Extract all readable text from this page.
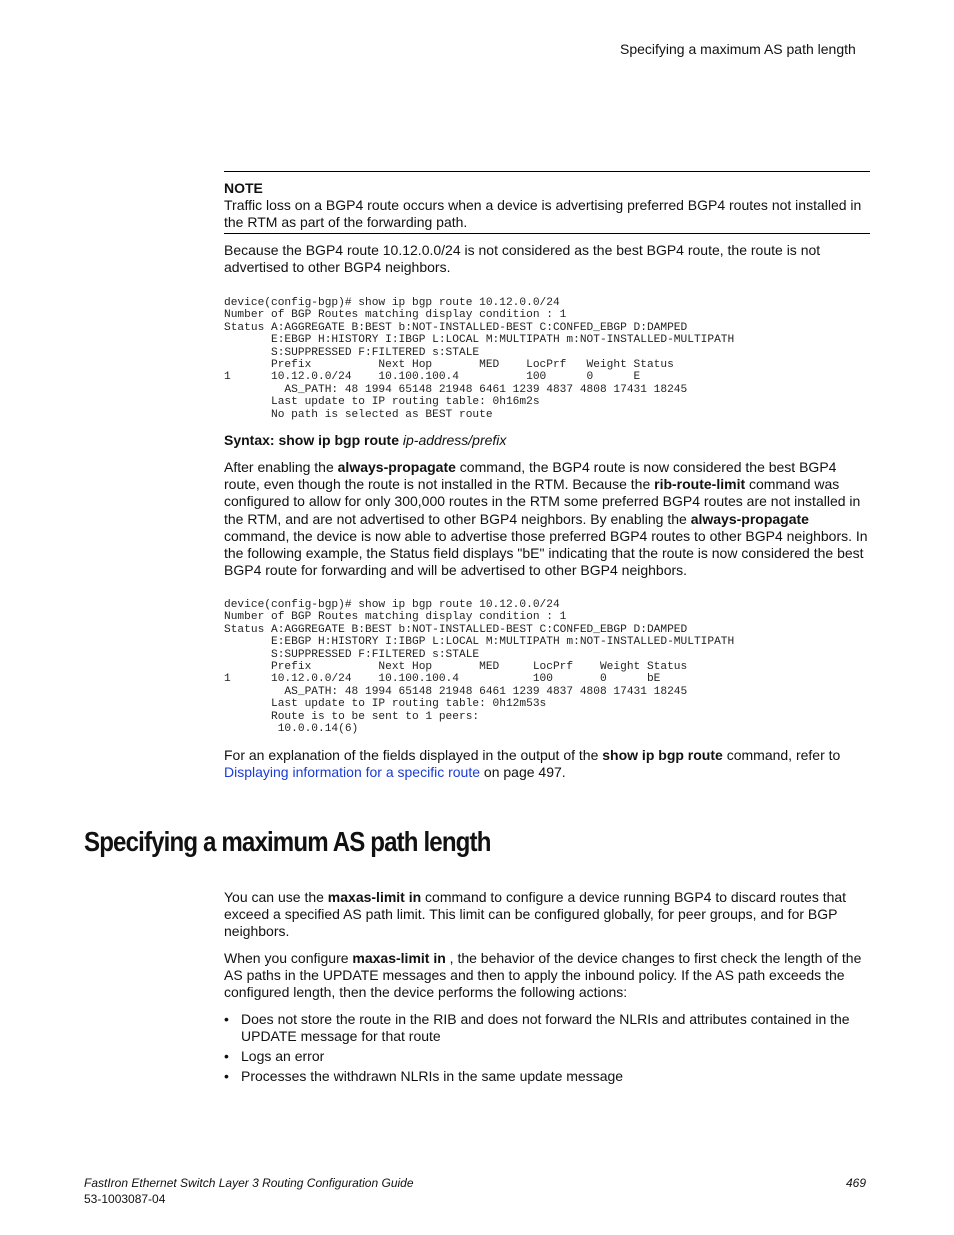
Specifying a maximum AS path length
NOTE
Traffic loss on a BGP4 route occurs when a device is advertising preferred BGP4 routes not installed in the RTM as part of the forwarding path.
Because the BGP4 route 10.12.0.0/24 is not considered as the best BGP4 route, the route is not advertised to other BGP4 neighbors.
device(config-bgp)# show ip bgp route 10.12.0.0/24
Number of BGP Routes matching display condition : 1
Status A:AGGREGATE B:BEST b:NOT-INSTALLED-BEST C:CONFED_EBGP D:DAMPED
E:EBGP H:HISTORY I:IBGP L:LOCAL M:MULTIPATH m:NOT-INSTALLED-MULTIPATH
S:SUPPRESSED F:FILTERED s:STALE
Prefix          Next Hop       MED    LocPrf   Weight Status
1      10.12.0.0/24    10.100.100.4          100      0      E
AS_PATH: 48 1994 65148 21948 6461 1239 4837 4808 17431 18245
Last update to IP routing table: 0h16m2s
No path is selected as BEST route
Syntax: show ip bgp route ip-address/prefix
After enabling the always-propagate command, the BGP4 route is now considered the best BGP4 route, even though the route is not installed in the RTM. Because the rib-route-limit command was configured to allow for only 300,000 routes in the RTM some preferred BGP4 routes are not installed in the RTM, and are not advertised to other BGP4 neighbors. By enabling the always-propagate command, the device is now able to advertise those preferred BGP4 routes to other BGP4 neighbors. In the following example, the Status field displays "bE" indicating that the route is now considered the best BGP4 route for forwarding and will be advertised to other BGP4 neighbors.
device(config-bgp)# show ip bgp route 10.12.0.0/24
Number of BGP Routes matching display condition : 1
Status A:AGGREGATE B:BEST b:NOT-INSTALLED-BEST C:CONFED_EBGP D:DAMPED
E:EBGP H:HISTORY I:IBGP L:LOCAL M:MULTIPATH m:NOT-INSTALLED-MULTIPATH
S:SUPPRESSED F:FILTERED s:STALE
Prefix          Next Hop       MED     LocPrf    Weight Status
1      10.12.0.0/24    10.100.100.4           100       0      bE
AS_PATH: 48 1994 65148 21948 6461 1239 4837 4808 17431 18245
Last update to IP routing table: 0h12m53s
Route is to be sent to 1 peers:
10.0.0.14(6)
For an explanation of the fields displayed in the output of the show ip bgp route command, refer to Displaying information for a specific route on page 497.
Specifying a maximum AS path length
You can use the maxas-limit in command to configure a device running BGP4 to discard routes that exceed a specified AS path limit. This limit can be configured globally, for peer groups, and for BGP neighbors.
When you configure maxas-limit in , the behavior of the device changes to first check the length of the AS paths in the UPDATE messages and then to apply the inbound policy. If the AS path exceeds the configured length, then the device performs the following actions:
• Does not store the route in the RIB and does not forward the NLRIs and attributes contained in the UPDATE message for that route
• Logs an error
• Processes the withdrawn NLRIs in the same update message
FastIron Ethernet Switch Layer 3 Routing Configuration Guide
53-1003087-04
469
